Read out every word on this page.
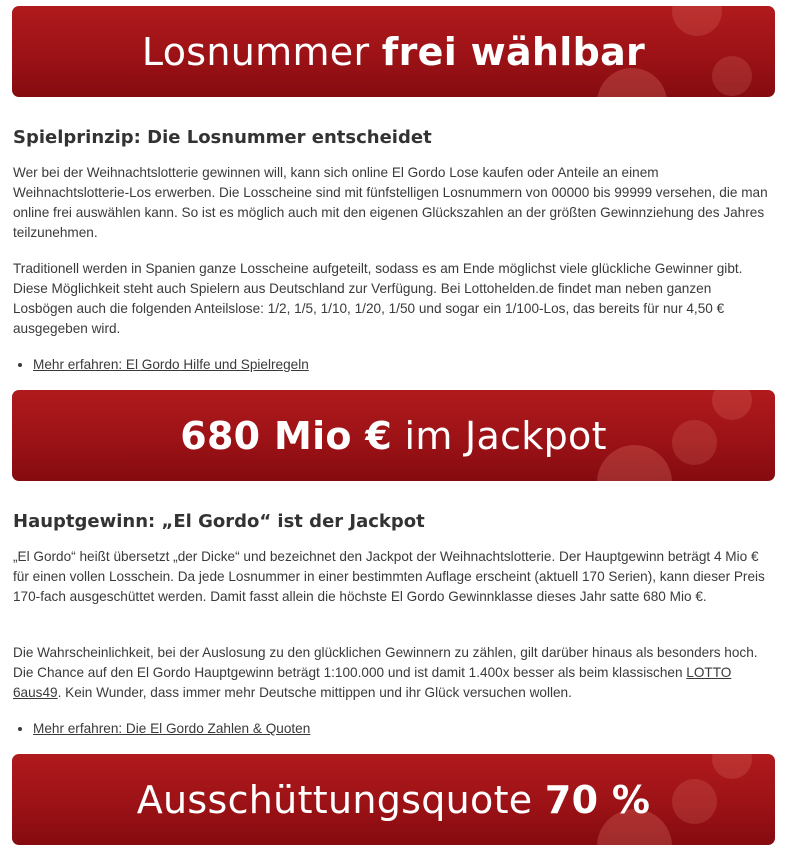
Losnummer frei wählbar
Spielprinzip: Die Losnummer entscheidet

Wer bei der Weihnachtslotterie gewinnen will, kann sich online El Gordo Lose kaufen oder Anteile an einem Weihnachtslotterie-Los erwerben. Die Losscheine sind mit fünfstelligen Losnummern von 00000 bis 99999 versehen, die man online frei auswählen kann. So ist es möglich auch mit den eigenen Glückszahlen an der größten Gewinnziehung des Jahres teilzunehmen.

Traditionell werden in Spanien ganze Losscheine aufgeteilt, sodass es am Ende möglichst viele glückliche Gewinner gibt. Diese Möglichkeit steht auch Spielern aus Deutschland zur Verfügung. Bei Lottohelden.de findet man neben ganzen Losbögen auch die folgenden Anteilslose: 1/2, 1/5, 1/10, 1/20, 1/50 und sogar ein 1/100-Los, das bereits für nur 4,50 € ausgegeben wird.

• Mehr erfahren: El Gordo Hilfe und Spielregeln
680 Mio € im Jackpot
Hauptgewinn: „El Gordo“ ist der Jackpot

„El Gordo“ heißt übersetzt „der Dicke“ und bezeichnet den Jackpot der Weihnachtslotterie. Der Hauptgewinn beträgt 4 Mio € für einen vollen Losschein. Da jede Losnummer in einer bestimmten Auflage erscheint (aktuell 170 Serien), kann dieser Preis 170-fach ausgeschüttet werden. Damit fasst allein die höchste El Gordo Gewinnklasse dieses Jahr satte 680 Mio €.

Die Wahrscheinlichkeit, bei der Auslosung zu den glücklichen Gewinnern zu zählen, gilt darüber hinaus als besonders hoch. Die Chance auf den El Gordo Hauptgewinn beträgt 1:100.000 und ist damit 1.400x besser als beim klassischen LOTTO 6aus49. Kein Wunder, dass immer mehr Deutsche mittippen und ihr Glück versuchen wollen.

• Mehr erfahren: Die El Gordo Zahlen & Quoten
Ausschüttungsquote 70 %
